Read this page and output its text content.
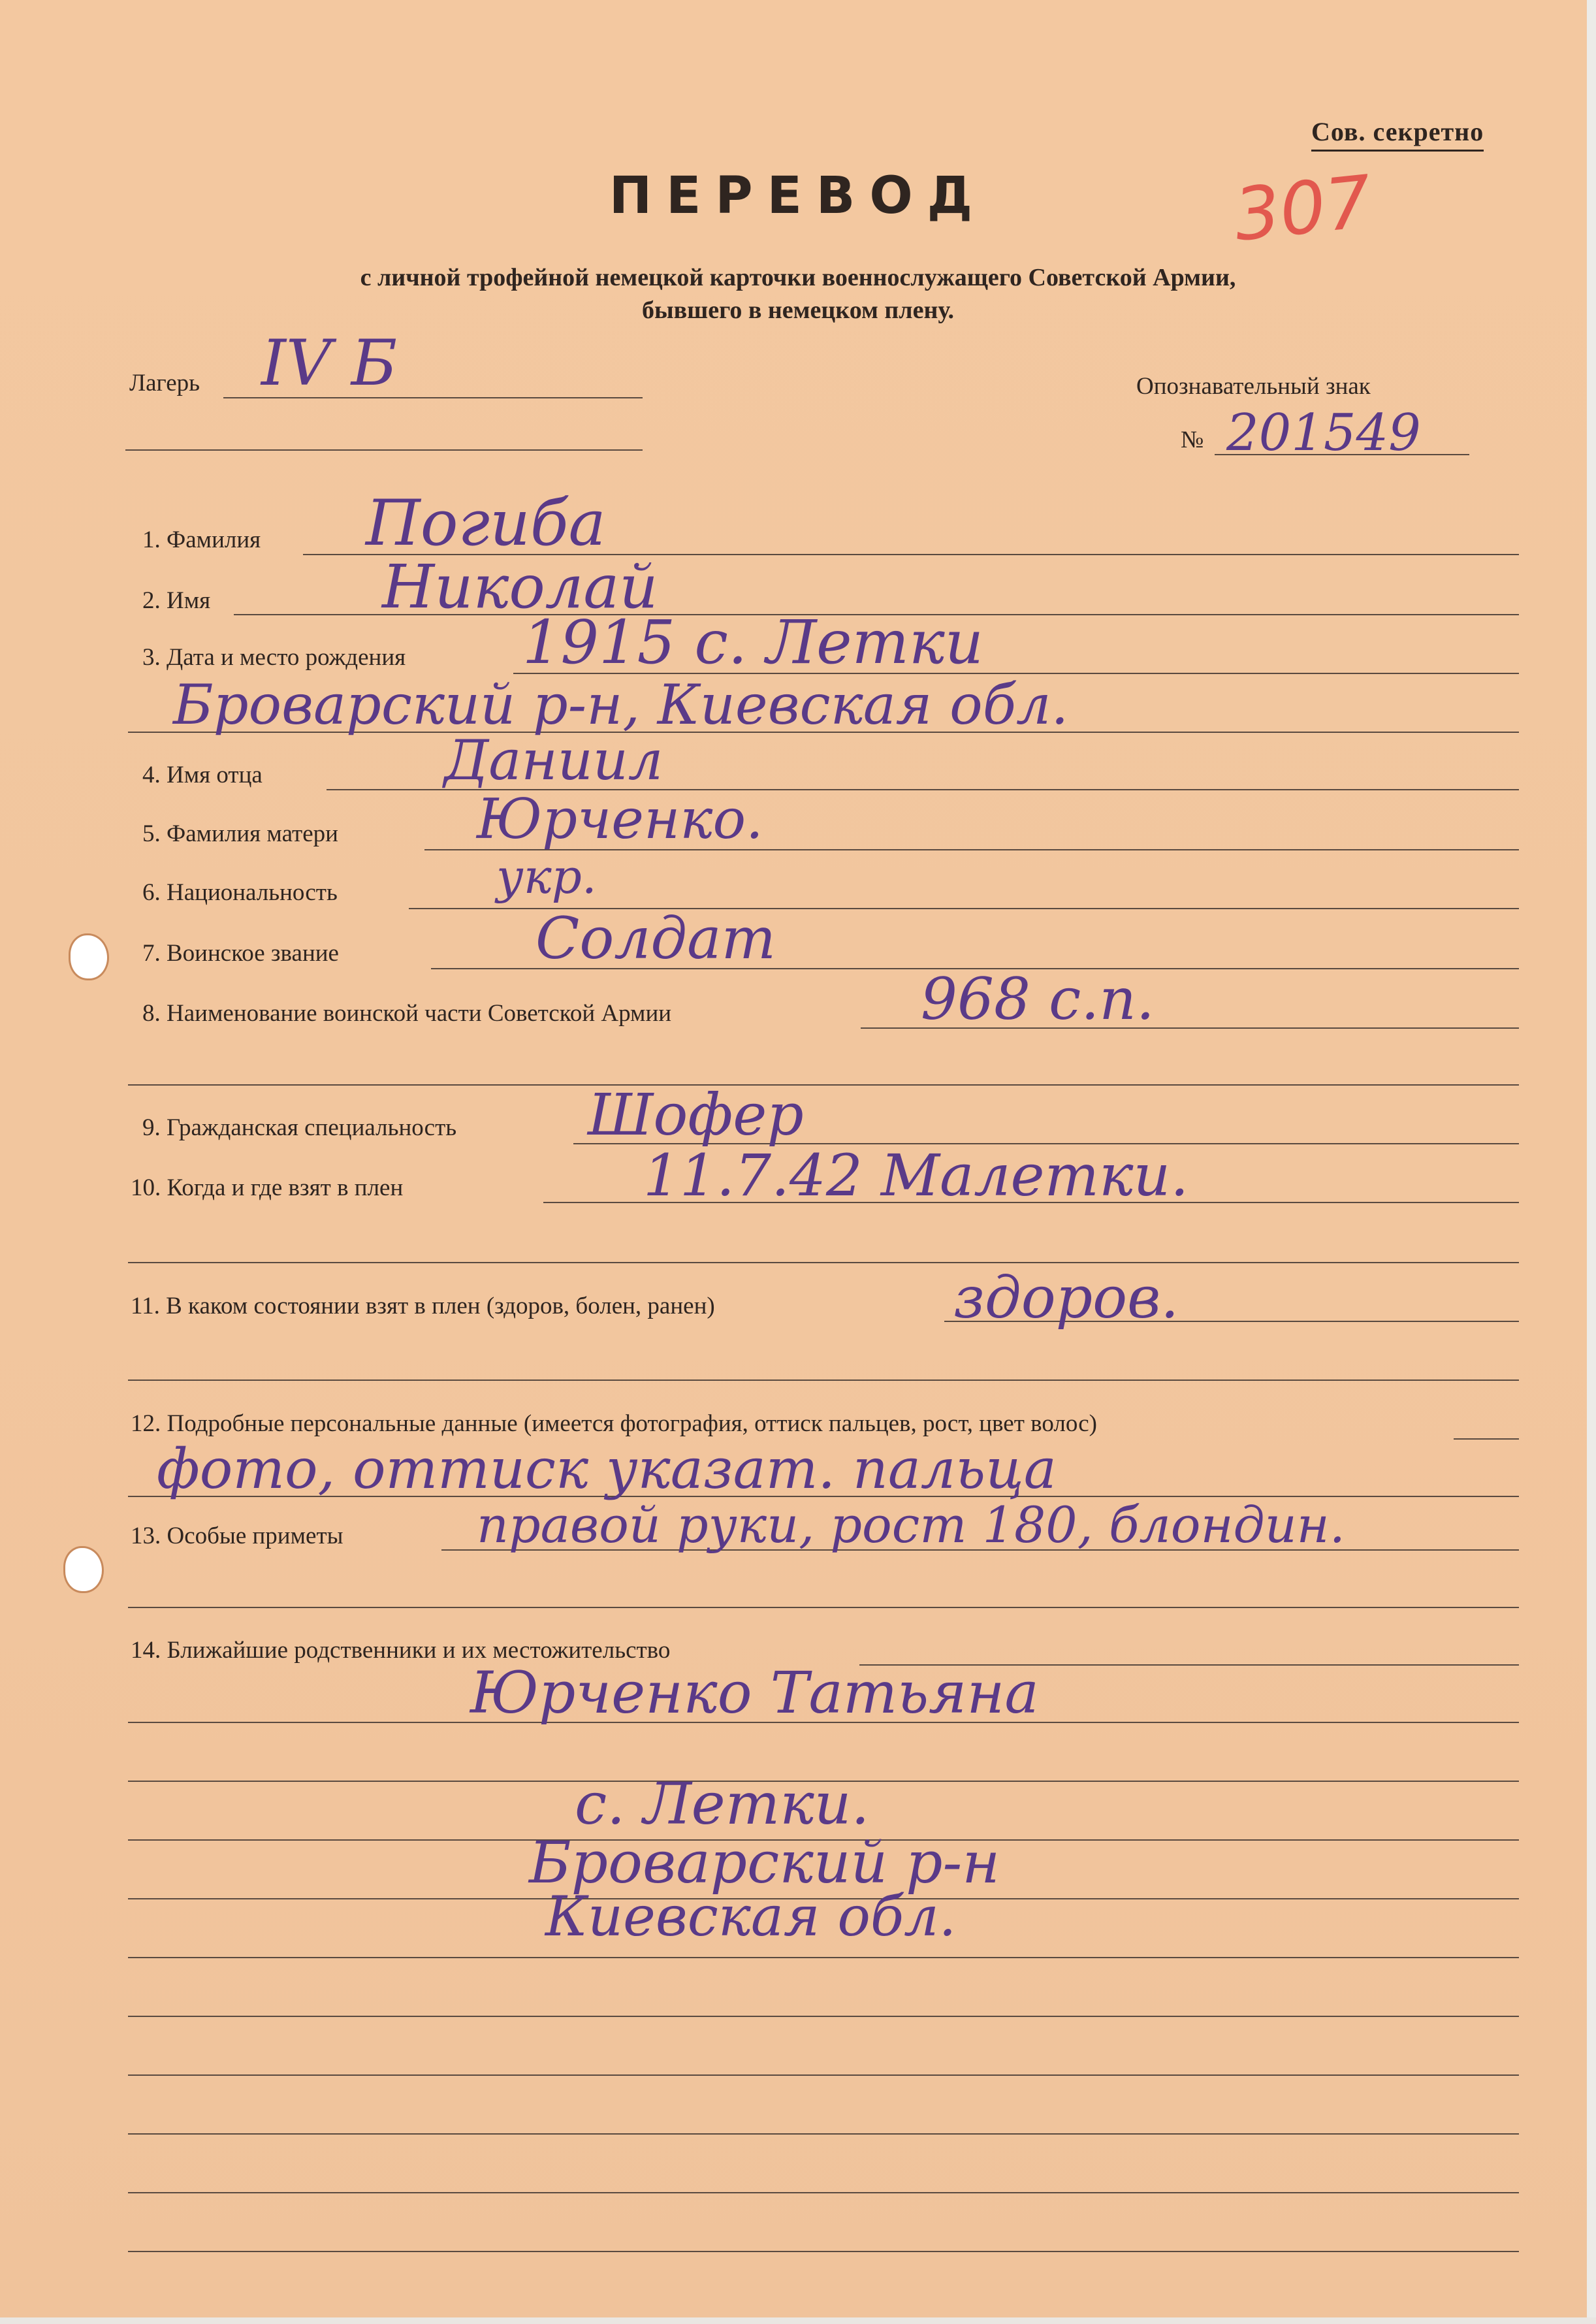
Сов. секретно
307
ПЕРЕВОД
с личной трофейной немецкой карточки военнослужащего Советской Армии,
бывшего в немецком плену.
Лагерь IV Б	Опознавательный знак
№ 201549
1. Фамилия Погиба
2. Имя	Николай
3. Дата и место рождения 1915 с. Летки
Броварский р-н, Киевская обл.
4. Имя отца	Даниил
5. Фамилия матери	Юрченко.
6. Национальность	укр.
7. Воинское звание	Солдат
8. Наименование воинской части Советской Армии	968 с.п.
9. Гражданская специальность Шофер
10. Когда и где взят в плен	11.7.42 Малетки.
11. В каком состоянии взят в плен (здоров, болен, ранен)	здоров.
12. Подробные персональные данные (имеется фотография, оттиск пальцев, рост, цвет волос)
фото, оттиск указат. пальца
13. Особые приметы	правой руки, рост 180, блондин.
14. Ближайшие родственники и их местожительство
Юрченко Татьяна
с. Летки.
Броварский р-н
Киевская обл.
